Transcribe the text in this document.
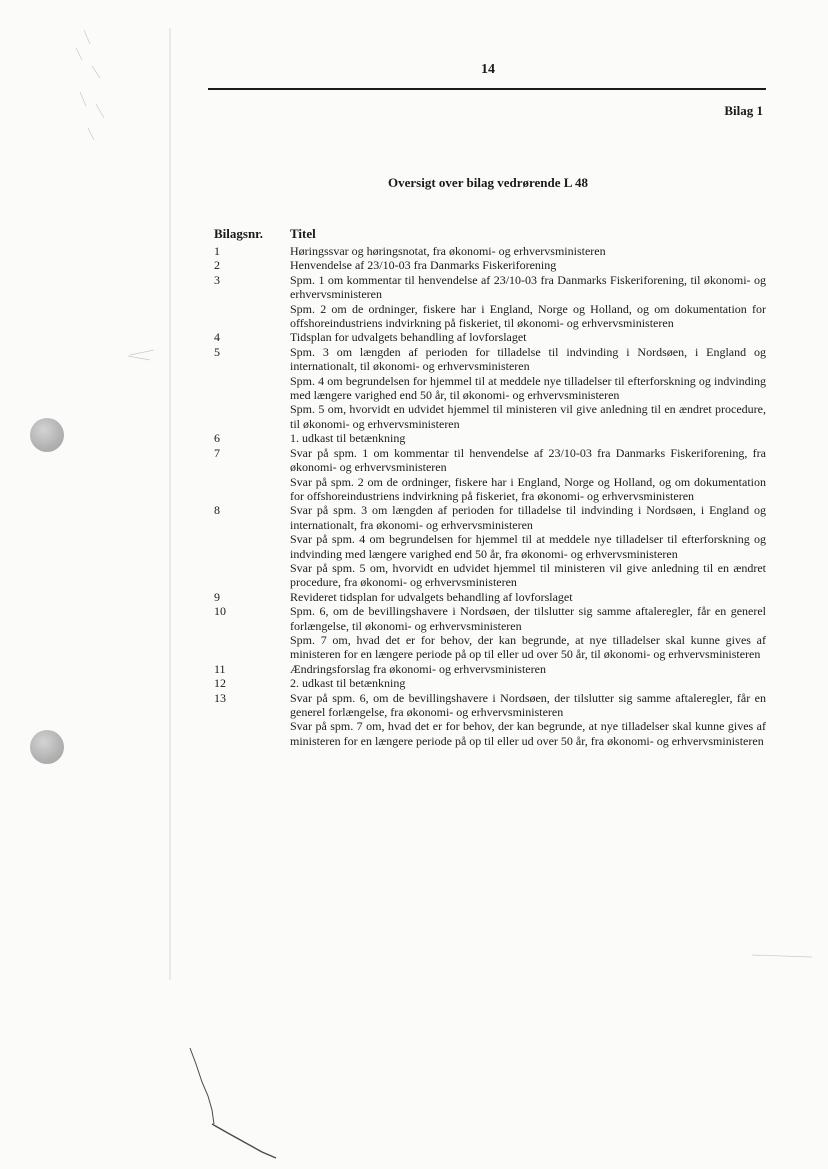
14
Bilag 1
Oversigt over bilag vedrørende L 48
Bilagsnr. Titel
1	Høringssvar og høringsnotat, fra økonomi- og erhvervsministeren
2	Henvendelse af 23/10-03 fra Danmarks Fiskeriforening
3	Spm. 1 om kommentar til henvendelse af 23/10-03 fra Danmarks Fiskeriforening, til økonomi- og erhvervsministeren
Spm. 2 om de ordninger, fiskere har i England, Norge og Holland, og om dokumentation for offshoreindustriens indvirkning på fiskeriet, til økonomi- og erhvervsministeren
4	Tidsplan for udvalgets behandling af lovforslaget
5	Spm. 3 om længden af perioden for tilladelse til indvinding i Nordsøen, i England og internationalt, til økonomi- og erhvervsministeren
Spm. 4 om begrundelsen for hjemmel til at meddele nye tilladelser til efterforskning og indvinding med længere varighed end 50 år, til økonomi- og erhvervsministeren
Spm. 5 om, hvorvidt en udvidet hjemmel til ministeren vil give anledning til en ændret procedure, til økonomi- og erhvervsministeren
6	1. udkast til betænkning
7	Svar på spm. 1 om kommentar til henvendelse af 23/10-03 fra Danmarks Fiskeriforening, fra økonomi- og erhvervsministeren
Svar på spm. 2 om de ordninger, fiskere har i England, Norge og Holland, og om dokumentation for offshoreindustriens indvirkning på fiskeriet, fra økonomi- og erhvervsministeren
8	Svar på spm. 3 om længden af perioden for tilladelse til indvinding i Nordsøen, i England og internationalt, fra økonomi- og erhvervsministeren
Svar på spm. 4 om begrundelsen for hjemmel til at meddele nye tilladelser til efterforskning og indvinding med længere varighed end 50 år, fra økonomi- og erhvervsministeren
Svar på spm. 5 om, hvorvidt en udvidet hjemmel til ministeren vil give anledning til en ændret procedure, fra økonomi- og erhvervsministeren
9	Revideret tidsplan for udvalgets behandling af lovforslaget
10	Spm. 6, om de bevillingshavere i Nordsøen, der tilslutter sig samme aftaleregler, får en generel forlængelse, til økonomi- og erhvervsministeren
Spm. 7 om, hvad det er for behov, der kan begrunde, at nye tilladelser skal kunne gives af ministeren for en længere periode på op til eller ud over 50 år, til økonomi- og erhvervsministeren
11	Ændringsforslag fra økonomi- og erhvervsministeren
12	2. udkast til betænkning
13	Svar på spm. 6, om de bevillingshavere i Nordsøen, der tilslutter sig samme aftaleregler, får en generel forlængelse, fra økonomi- og erhvervsministeren
Svar på spm. 7 om, hvad det er for behov, der kan begrunde, at nye tilladelser skal kunne gives af ministeren for en længere periode på op til eller ud over 50 år, fra økonomi- og erhvervsministeren
